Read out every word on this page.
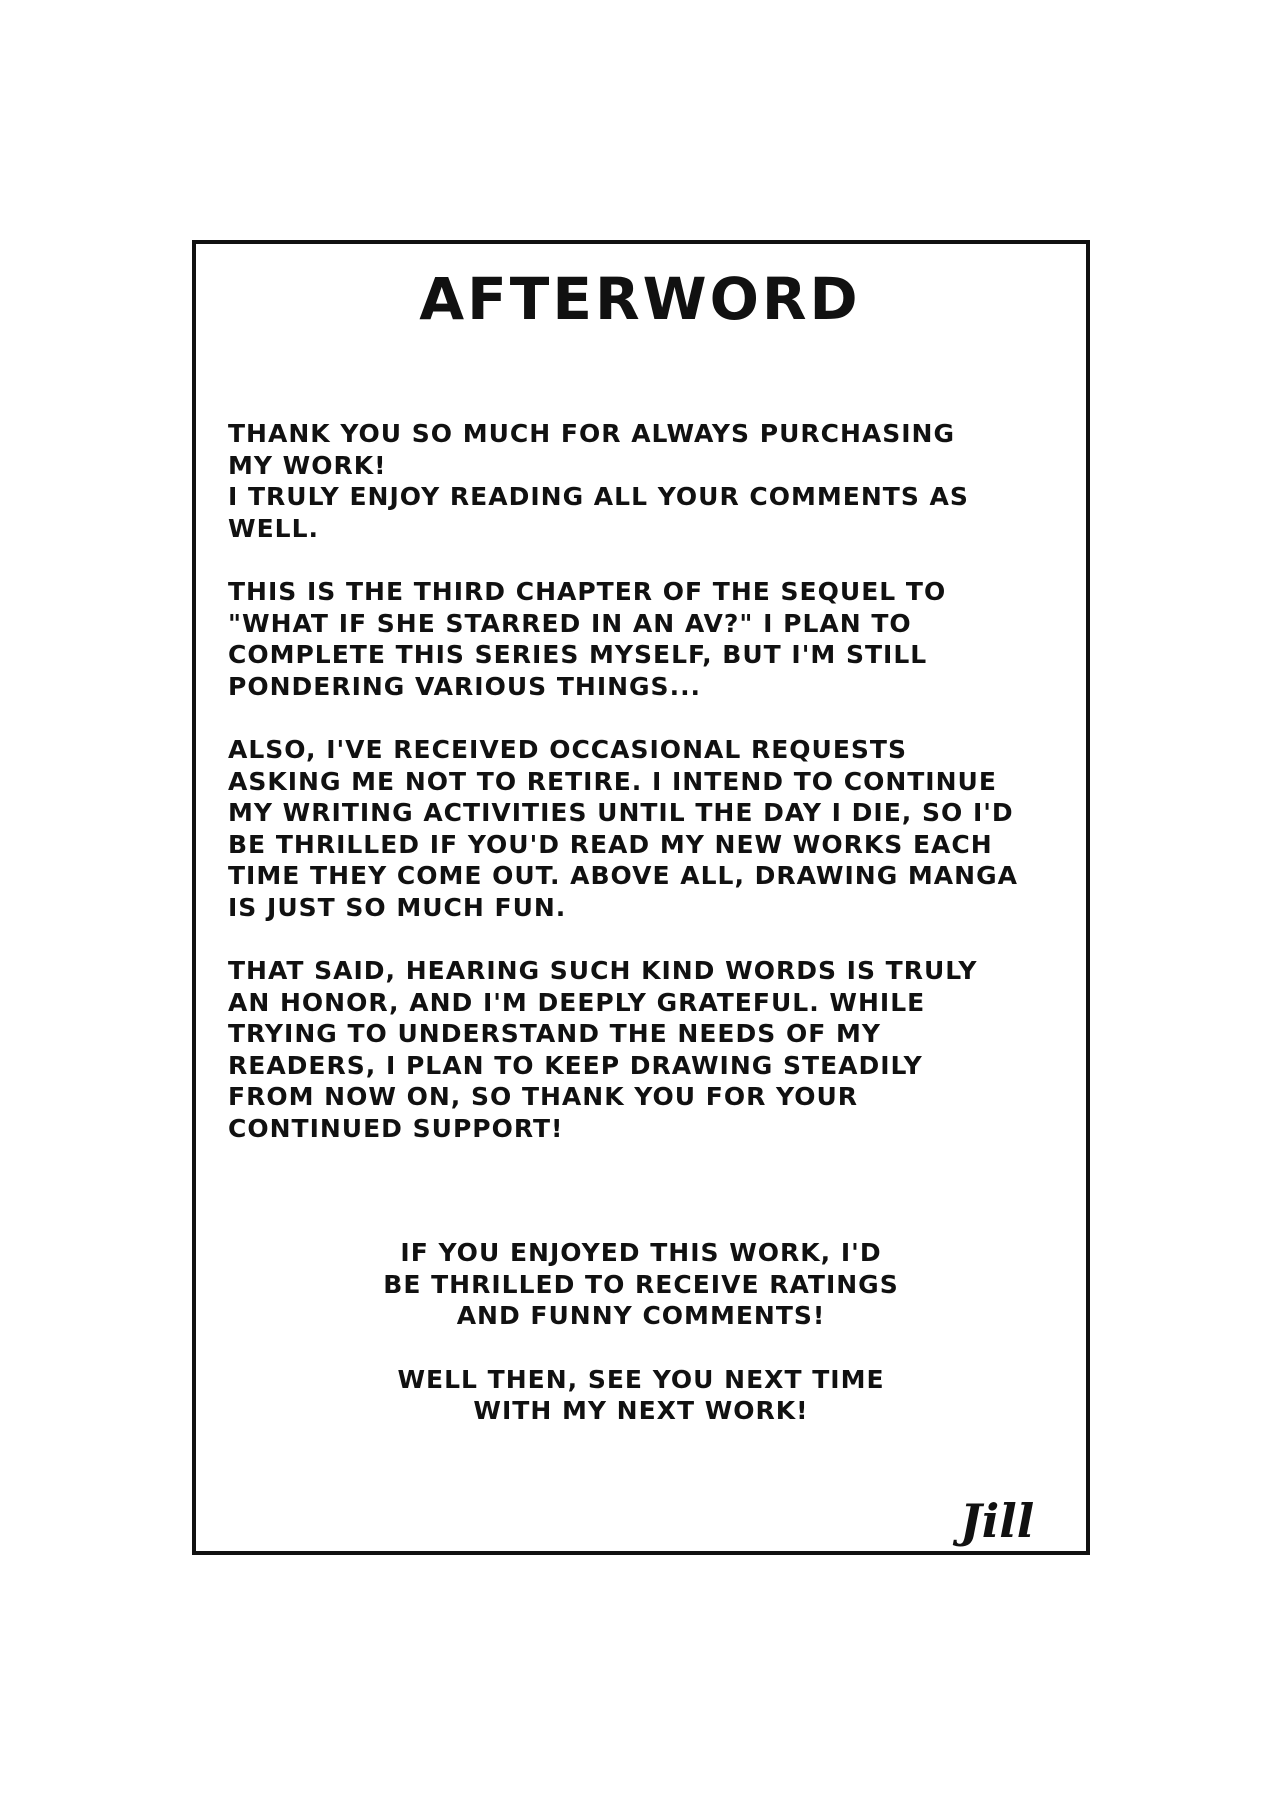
AFTERWORD

THANK YOU SO MUCH FOR ALWAYS PURCHASING
MY WORK!
I TRULY ENJOY READING ALL YOUR COMMENTS AS
WELL.

THIS IS THE THIRD CHAPTER OF THE SEQUEL TO
"WHAT IF SHE STARRED IN AN AV?" I PLAN TO
COMPLETE THIS SERIES MYSELF, BUT I'M STILL
PONDERING VARIOUS THINGS...

ALSO, I'VE RECEIVED OCCASIONAL REQUESTS
ASKING ME NOT TO RETIRE. I INTEND TO CONTINUE
MY WRITING ACTIVITIES UNTIL THE DAY I DIE, SO I'D
BE THRILLED IF YOU'D READ MY NEW WORKS EACH
TIME THEY COME OUT. ABOVE ALL, DRAWING MANGA
IS JUST SO MUCH FUN.

THAT SAID, HEARING SUCH KIND WORDS IS TRULY
AN HONOR, AND I'M DEEPLY GRATEFUL. WHILE
TRYING TO UNDERSTAND THE NEEDS OF MY
READERS, I PLAN TO KEEP DRAWING STEADILY
FROM NOW ON, SO THANK YOU FOR YOUR
CONTINUED SUPPORT!

IF YOU ENJOYED THIS WORK, I'D
BE THRILLED TO RECEIVE RATINGS
AND FUNNY COMMENTS!

WELL THEN, SEE YOU NEXT TIME
WITH MY NEXT WORK!

Jill
